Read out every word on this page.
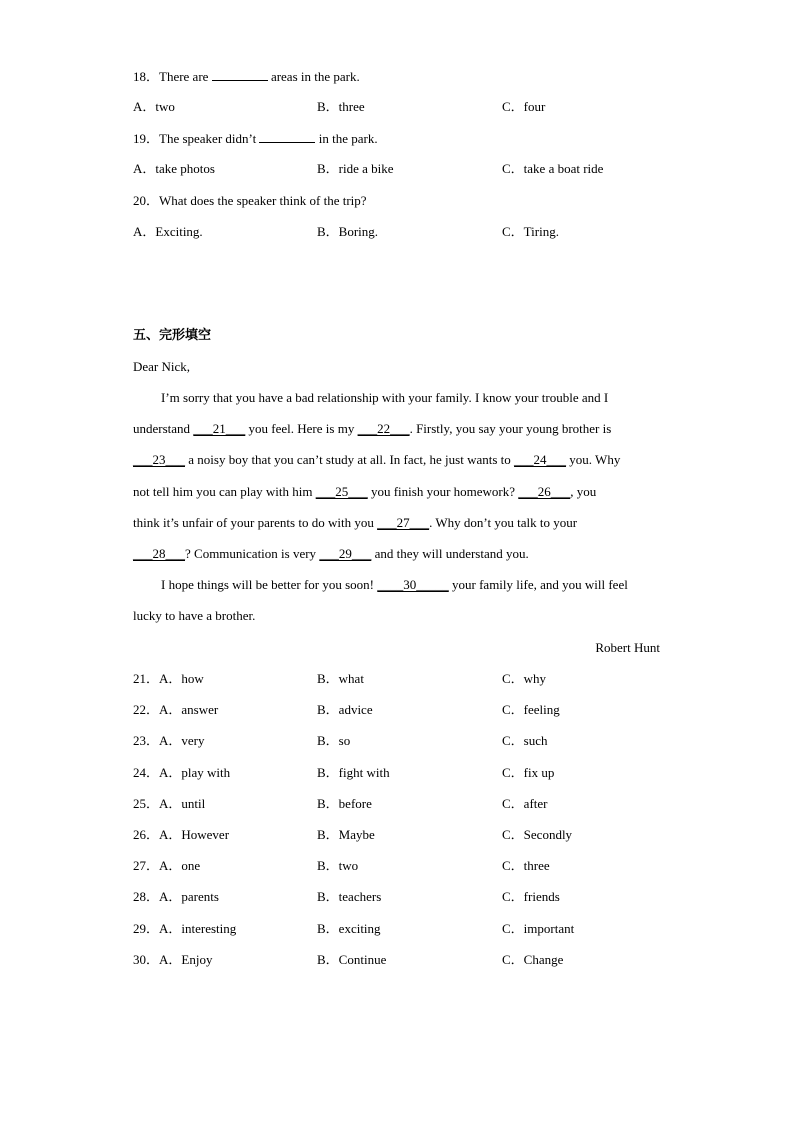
18．There are	areas in the park.
A．two	B．three	C．four
19．The speaker didn’t	in the park.
A．take photos	B．ride a bike	C．take a boat ride
20．What does the speaker think of the trip?
A．Exciting.	B．Boring.	C．Tiring.
五、完形填空
Dear Nick,
I’m sorry that you have a bad relationship with your family. I know your trouble and I
understand ___21___ you feel. Here is my ___22___. Firstly, you say your young brother is
___23___ a noisy boy that you can’t study at all. In fact, he just wants to ___24___ you. Why
not tell him you can play with him ___25___ you finish your homework? ___26___, you
think it’s unfair of your parents to do with you ___27___. Why don’t you talk to your
___28___? Communication is very ___29___ and they will understand you.
I hope things will be better for you soon! ____30_____ your family life, and you will feel
lucky to have a brother.
Robert Hunt
21．A．how	B．what	C．why
22．A．answer	B．advice	C．feeling
23．A．very	B．so	C．such
24．A．play with	B．fight with	C．fix up
25．A．until	B．before	C．after
26．A．However	B．Maybe	C．Secondly
27．A．one	B．two	C．three
28．A．parents	B．teachers	C．friends
29．A．interesting	B．exciting	C．important
30．A．Enjoy	B．Continue	C．Change
